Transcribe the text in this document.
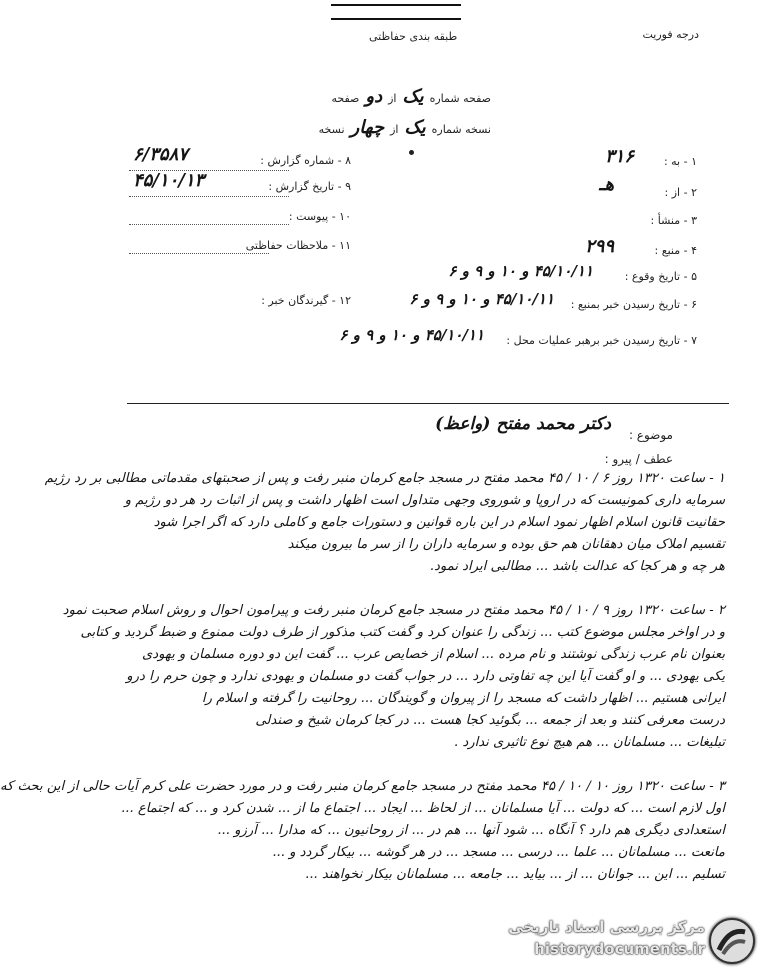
طبقه بندی حفاظتی	درجه فوریت
صفحه شماره
یک
از
دو
صفحه
نسخه شماره
یک
از
چهار
نسخه
۱ - به :
۳۱۶
۲ - از :
هـ
۳ - منشأ :
۴ - منبع :
۲۹۹
۵ - تاریخ وقوع :
۴۵/۱۰/۱۱ و ۱۰ و ۹ و ۶
۶ - تاریخ رسیدن خبر بمنبع :
۴۵/۱۰/۱۱ و ۱۰ و ۹ و ۶
۷ - تاریخ رسیدن خبر برهبر عملیات محل :
۴۵/۱۰/۱۱ و ۱۰ و ۹ و ۶
۸ - شماره گزارش :
۶/۳۵۸۷
۹ - تاریخ گزارش :
۴۵/۱۰/۱۳
۱۰ - پیوست :
۱۱ - ملاحظات حفاظتی
۱۲ - گیرندگان خبر :
موضوع :
دکتر محمد مفتح (واعظ)
عطف / پیرو :
۱ - ساعت ۱۳۲۰ روز ۶ / ۱۰ / ۴۵ محمد مفتح در مسجد جامع کرمان منبر رفت و پس از صحبتهای مقدماتی مطالبی بر رد رژیم
سرمایه داری کمونیست که در اروپا و شوروی وجهی متداول است اظهار داشت و پس از اثبات رد هر دو رژیم و
حقانیت قانون اسلام اظهار نمود اسلام در این باره قوانین و دستورات جامع و کاملی دارد که اگر اجرا شود
تقسیم املاک میان دهقانان هم حق بوده و سرمایه داران را از سر ما بیرون میکند
هر چه و هر کجا که عدالت باشد ... مطالبی ایراد نمود.
۲ - ساعت ۱۳۲۰ روز ۹ / ۱۰ / ۴۵ محمد مفتح در مسجد جامع کرمان منبر رفت و پیرامون احوال و روش اسلام صحبت نمود
و در اواخر مجلس موضوع کتب ... زندگی را عنوان کرد و گفت کتب مذکور از طرف دولت ممنوع و ضبط گردید و کتابی
بعنوان نام عرب زندگی نوشتند و نام مرده ... اسلام از خصایص عرب ... گفت این دو دوره مسلمان و یهودی
یکی یهودی ... و او گفت آیا این چه تفاوتی دارد ... در جواب گفت دو مسلمان و یهودی ندارد و چون حرم را درو
ایرانی هستیم ... اظهار داشت که مسجد را از پیروان و گویندگان ... روحانیت را گرفته و اسلام را
درست معرفی کنند و بعد از جمعه ... بگوئید کجا هست ... در کجا کرمان شیخ و صندلی
تبلیغات ... مسلمانان ... هم هیچ نوع تاثیری ندارد .
۳ - ساعت ۱۳۲۰ روز ۱۰ / ۱۰ / ۴۵ محمد مفتح در مسجد جامع کرمان منبر رفت و در مورد حضرت علی کرم آیات حالی از این بحث که
اول لازم است ... که دولت ... آیا مسلمانان ... از لحاظ ... ایجاد ... اجتماع ما از ... شدن کرد و ... که اجتماع ...
استعدادی دیگری هم دارد ؟ آنگاه ... شود آنها ... هم در ... از روحانیون ... که مدارا ... آرزو ...
مانعت ... مسلمانان ... علما ... درسی ... مسجد ... در هر گوشه ... بیکار گردد و ...
تسلیم ... این ... جوانان ... از ... بیاید ... جامعه ... مسلمانان بیکار نخواهند ...
مرکز بررسی اسناد تاریخی
historydocuments.ir
